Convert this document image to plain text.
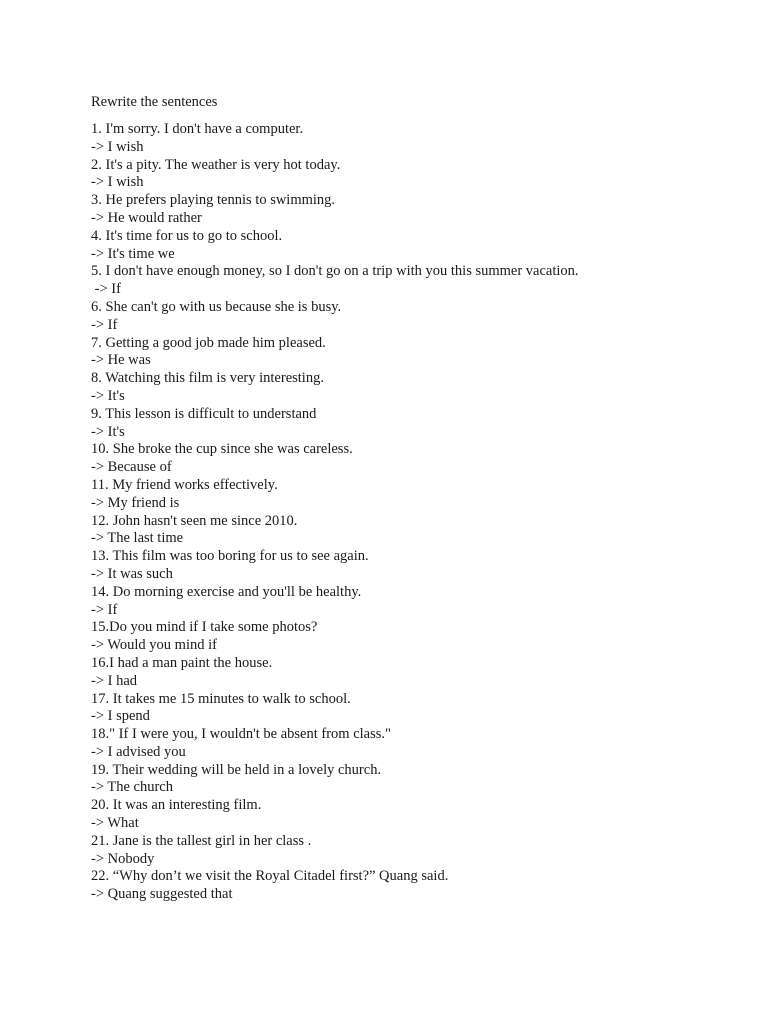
Rewrite the sentences
1. I'm sorry. I don't have a computer.
-> I wish
2. It's a pity. The weather is very hot today.
-> I wish
3. He prefers playing tennis to swimming.
-> He would rather
4. It's time for us to go to school.
-> It's time we
5. I don't have enough money, so I don't go on a trip with you this summer vacation.
-> If
6. She can't go with us because she is busy.
-> If
7. Getting a good job made him pleased.
-> He was
8. Watching this film is very interesting.
-> It's
9. This lesson is difficult to understand
-> It's
10. She broke the cup since she was careless.
-> Because of
11. My friend works effectively.
-> My friend is
12. John hasn't seen me since 2010.
-> The last time
13. This film was too boring for us to see again.
-> It was such
14. Do morning exercise and you'll be healthy.
-> If
15.Do you mind if I take some photos?
-> Would you mind if
16.I had a man paint the house.
-> I had
17. It takes me 15 minutes to walk to school.
-> I spend
18." If I were you, I wouldn't be absent from class."
-> I advised you
19. Their wedding will be held in a lovely church.
-> The church
20. It was an interesting film.
-> What
21. Jane is the tallest girl in her class .
-> Nobody
22. “Why don’t we visit the Royal Citadel first?” Quang said.
-> Quang suggested that
